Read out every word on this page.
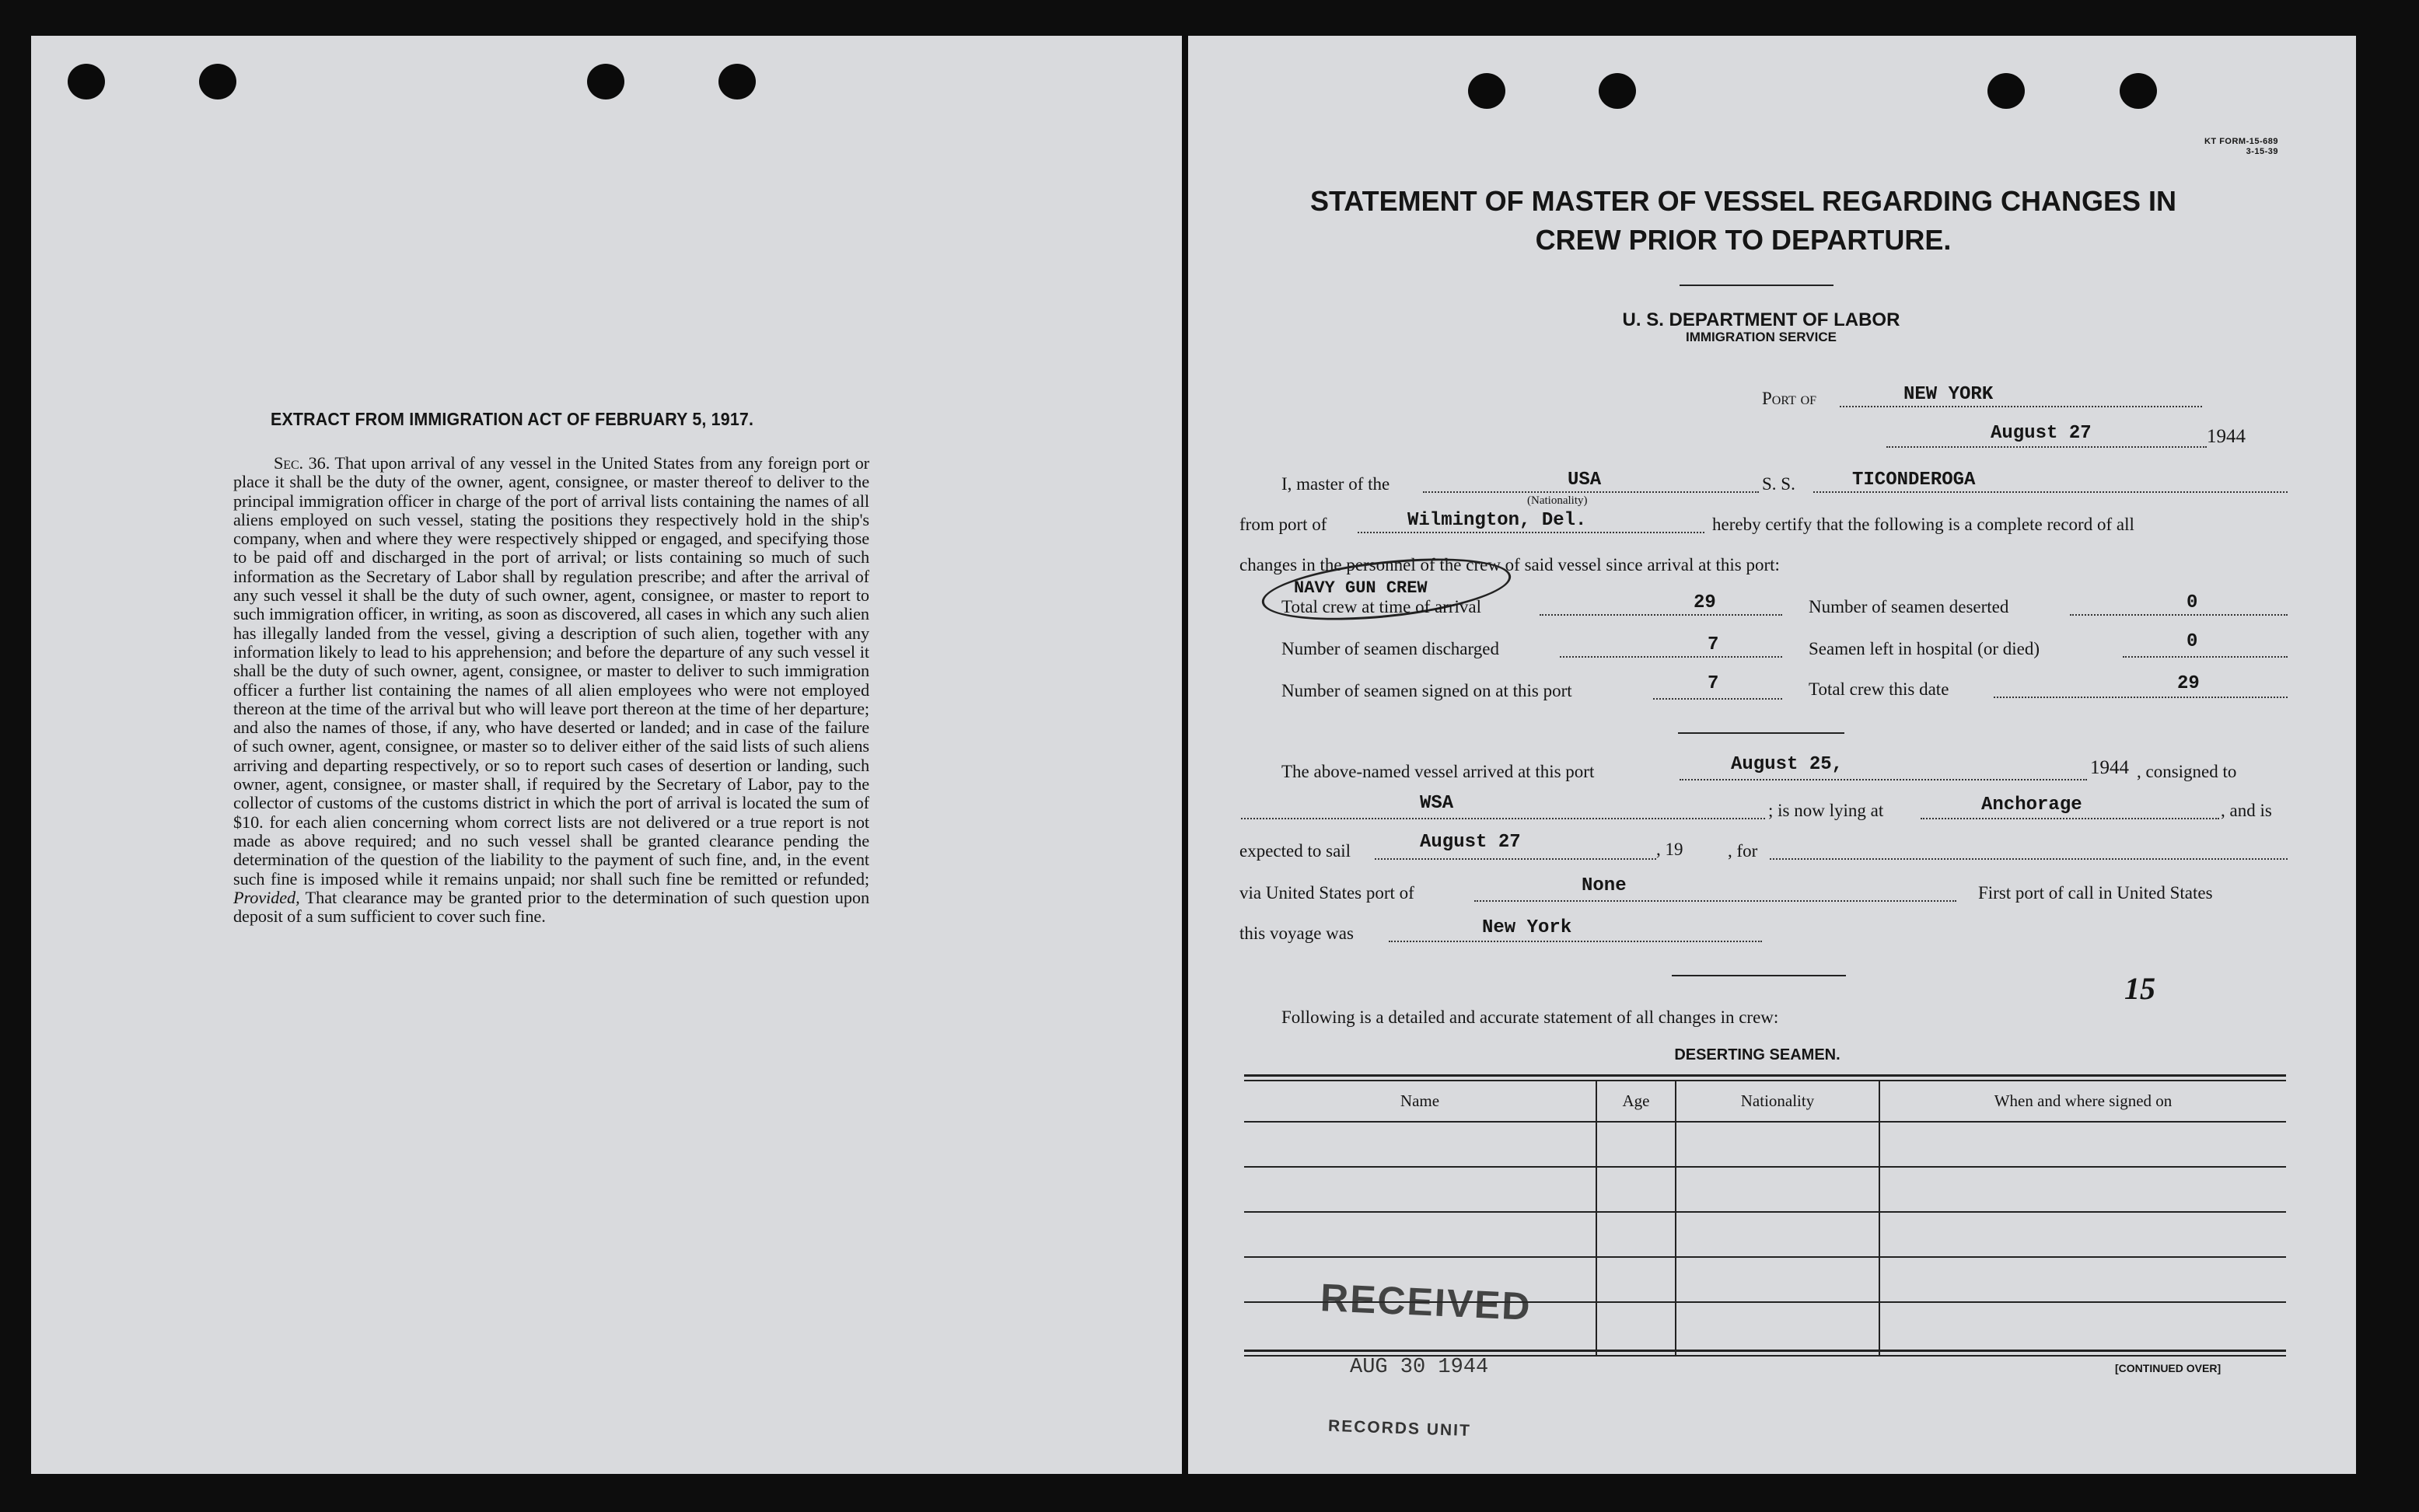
EXTRACT FROM IMMIGRATION ACT OF FEBRUARY 5, 1917.
Sec. 36. That upon arrival of any vessel in the United States from any foreign port or place it shall be the duty of the owner, agent, consignee, or master thereof to deliver to the principal immigration officer in charge of the port of arrival lists containing the names of all aliens employed on such vessel, stating the positions they respectively hold in the ship's company, when and where they were respectively shipped or engaged, and specifying those to be paid off and discharged in the port of arrival; or lists containing so much of such information as the Secretary of Labor shall by regulation prescribe; and after the arrival of any such vessel it shall be the duty of such owner, agent, consignee, or master to report to such immigration officer, in writing, as soon as discovered, all cases in which any such alien has illegally landed from the vessel, giving a description of such alien, together with any information likely to lead to his apprehension; and before the departure of any such vessel it shall be the duty of such owner, agent, consignee, or master to deliver to such immigration officer a further list containing the names of all alien employees who were not employed thereon at the time of the arrival but who will leave port thereon at the time of her departure; and also the names of those, if any, who have deserted or landed; and in case of the failure of such owner, agent, consignee, or master so to deliver either of the said lists of such aliens arriving and departing respectively, or so to report such cases of desertion or landing, such owner, agent, consignee, or master shall, if required by the Secretary of Labor, pay to the collector of customs of the customs district in which the port of arrival is located the sum of $10. for each alien concerning whom correct lists are not delivered or a true report is not made as above required; and no such vessel shall be granted clearance pending the determination of the question of the liability to the payment of such fine, and, in the event such fine is imposed while it remains unpaid; nor shall such fine be remitted or refunded; Provided, That clearance may be granted prior to the determination of such question upon deposit of a sum sufficient to cover such fine.
KT FORM-15-689
3-15-39
STATEMENT OF MASTER OF VESSEL REGARDING CHANGES IN
CREW PRIOR TO DEPARTURE.
U. S. DEPARTMENT OF LABOR
IMMIGRATION SERVICE
Port of	NEW YORK
August 27	1944
I, master of the	USA
(Nationality)
S. S.	TICONDEROGA
from port of	Wilmington, Del.	hereby certify that the following is a complete record of all
changes in the personnel of the crew of said vessel since arrival at this port:
NAVY GUN CREW
Total crew at time of arrival	29	Number of seamen deserted	0
Number of seamen discharged	7	Seamen left in hospital (or died)	0
Number of seamen signed on at this port	7	Total crew this date	29
The above-named vessel arrived at this port	August 25,	1944 , consigned to
WSA	; is now lying at	Anchorage	, and is
expected to sail	August 27	, 19	, for
via United States port of	None	First port of call in United States
this voyage was	New York
15
Following is a detailed and accurate statement of all changes in crew:
DESERTING SEAMEN.
Name	Age	Nationality	When and where signed on
[CONTINUED OVER]
RECEIVED
AUG 30 1944
RECORDS UNIT
